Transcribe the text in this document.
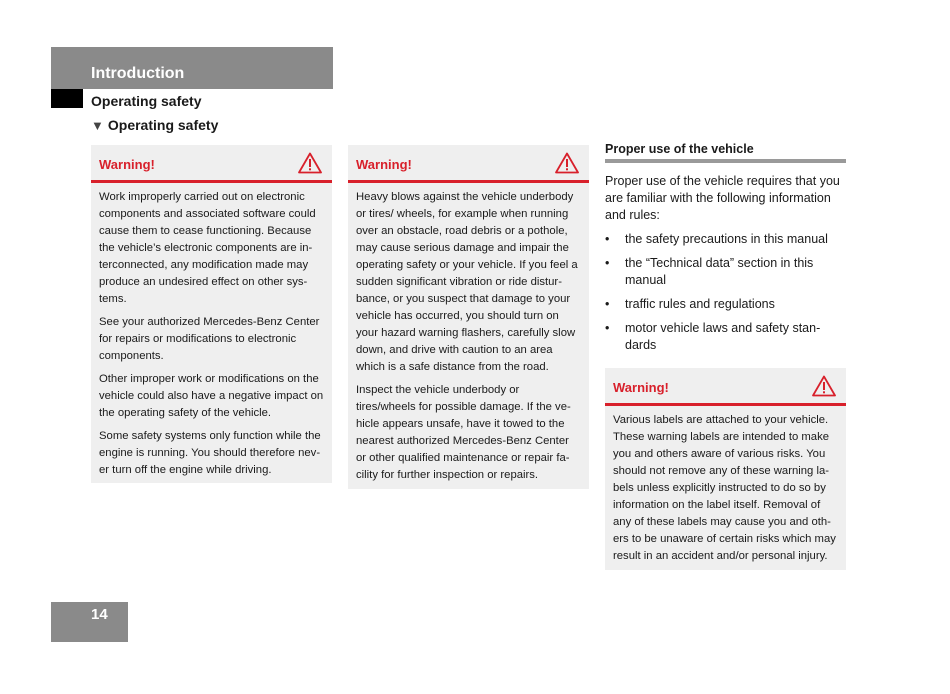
Introduction
Operating safety
▼ Operating safety
Warning!

Work improperly carried out on electronic components and associated software could cause them to cease functioning. Because the vehicle’s electronic components are in-terconnected, any modification made may produce an undesired effect on other sys-tems.

See your authorized Mercedes-Benz Center for repairs or modifications to electronic components.

Other improper work or modifications on the vehicle could also have a negative impact on the operating safety of the vehicle.

Some safety systems only function while the engine is running. You should therefore nev-er turn off the engine while driving.

Warning!

Heavy blows against the vehicle underbody or tires/ wheels, for example when running over an obstacle, road debris or a pothole, may cause serious damage and impair the operating safety or your vehicle. If you feel a sudden significant vibration or ride distur-bance, or you suspect that damage to your vehicle has occurred, you should turn on your hazard warning flashers, carefully slow down, and drive with caution to an area which is a safe distance from the road.

Inspect the vehicle underbody or tires/wheels for possible damage. If the ve-hicle appears unsafe, have it towed to the nearest authorized Mercedes-Benz Center or other qualified maintenance or repair fa-cility for further inspection or repairs.

Proper use of the vehicle
Proper use of the vehicle requires that you are familiar with the following information and rules:
• the safety precautions in this manual
• the “Technical data” section in this manual
• traffic rules and regulations
• motor vehicle laws and safety stan-dards
Warning!

Various labels are attached to your vehicle. These warning labels are intended to make you and others aware of various risks. You should not remove any of these warning la-bels unless explicitly instructed to do so by information on the label itself. Removal of any of these labels may cause you and oth-ers to be unaware of certain risks which may result in an accident and/or personal injury.

14
